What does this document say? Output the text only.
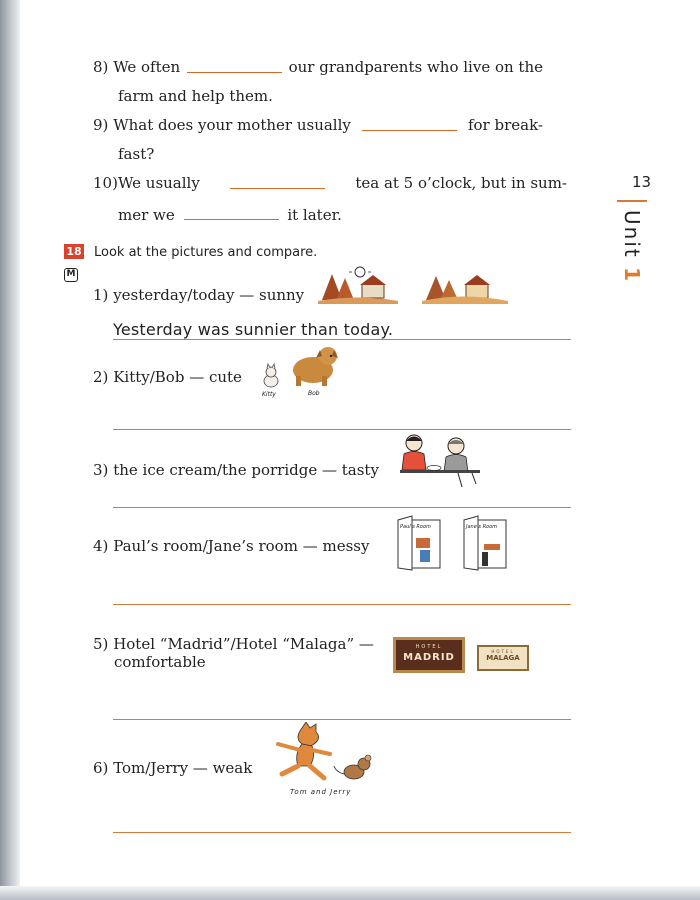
13
Unit 1
8) We often	our grandparents who live on the
farm and help them.
9) What does your mother usually	for break-
fast?
10)We usually	tea at 5 o’clock, but in sum-
mer we	it later.
18
M
Look at the pictures and compare.
1) yesterday/today — sunny
Yesterday was sunnier than today.
2) Kitty/Bob — cute
Kitty	Bob
3) the ice cream/the porridge — tasty
4) Paul’s room/Jane’s room — messy
Paul’s Room	Jane’s Room
5) Hotel “Madrid”/Hotel “Malaga” —
comfortable
HOTEL
MADRID
HOTEL
MALAGA
6) Tom/Jerry — weak
Tom and Jerry
